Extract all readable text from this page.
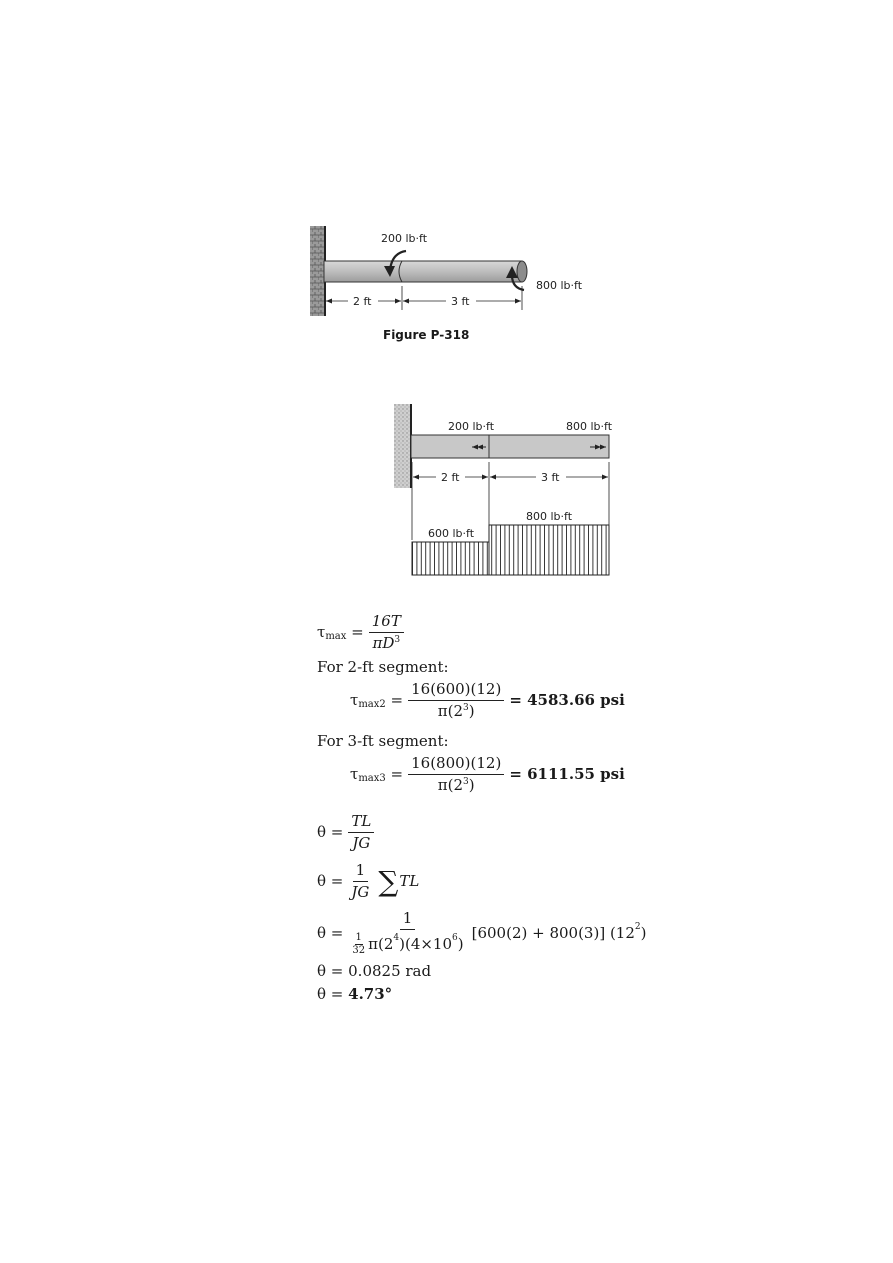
200 lb·ft
800 lb·ft
2 ft	3 ft
Figure P-318
200 lb·ft	800 lb·ft
2 ft	3 ft
600 lb·ft
800 lb·ft
τ $\max = \frac{16T}{\pi D^3}$
For 2-ft segment:
τ $\max 2 = \frac{16(600)(12)}{\pi(2^3)} = 4583.66$ psi
For 3-ft segment:
τ $\max 3 = \frac{16(800)(12)}{\pi(2^3)} = 6111.55$ psi
$\theta = \frac{TL}{JG}$
$\theta = \frac{1}{JG}$ ∑ TL
$\theta = \frac{1}{\frac{1}{32} \pi(2 4 )(4\times 10 6 )} [600(2) + 800(3)]$ (12 2 )
θ = 0.0825 rad
θ = 4.73°
